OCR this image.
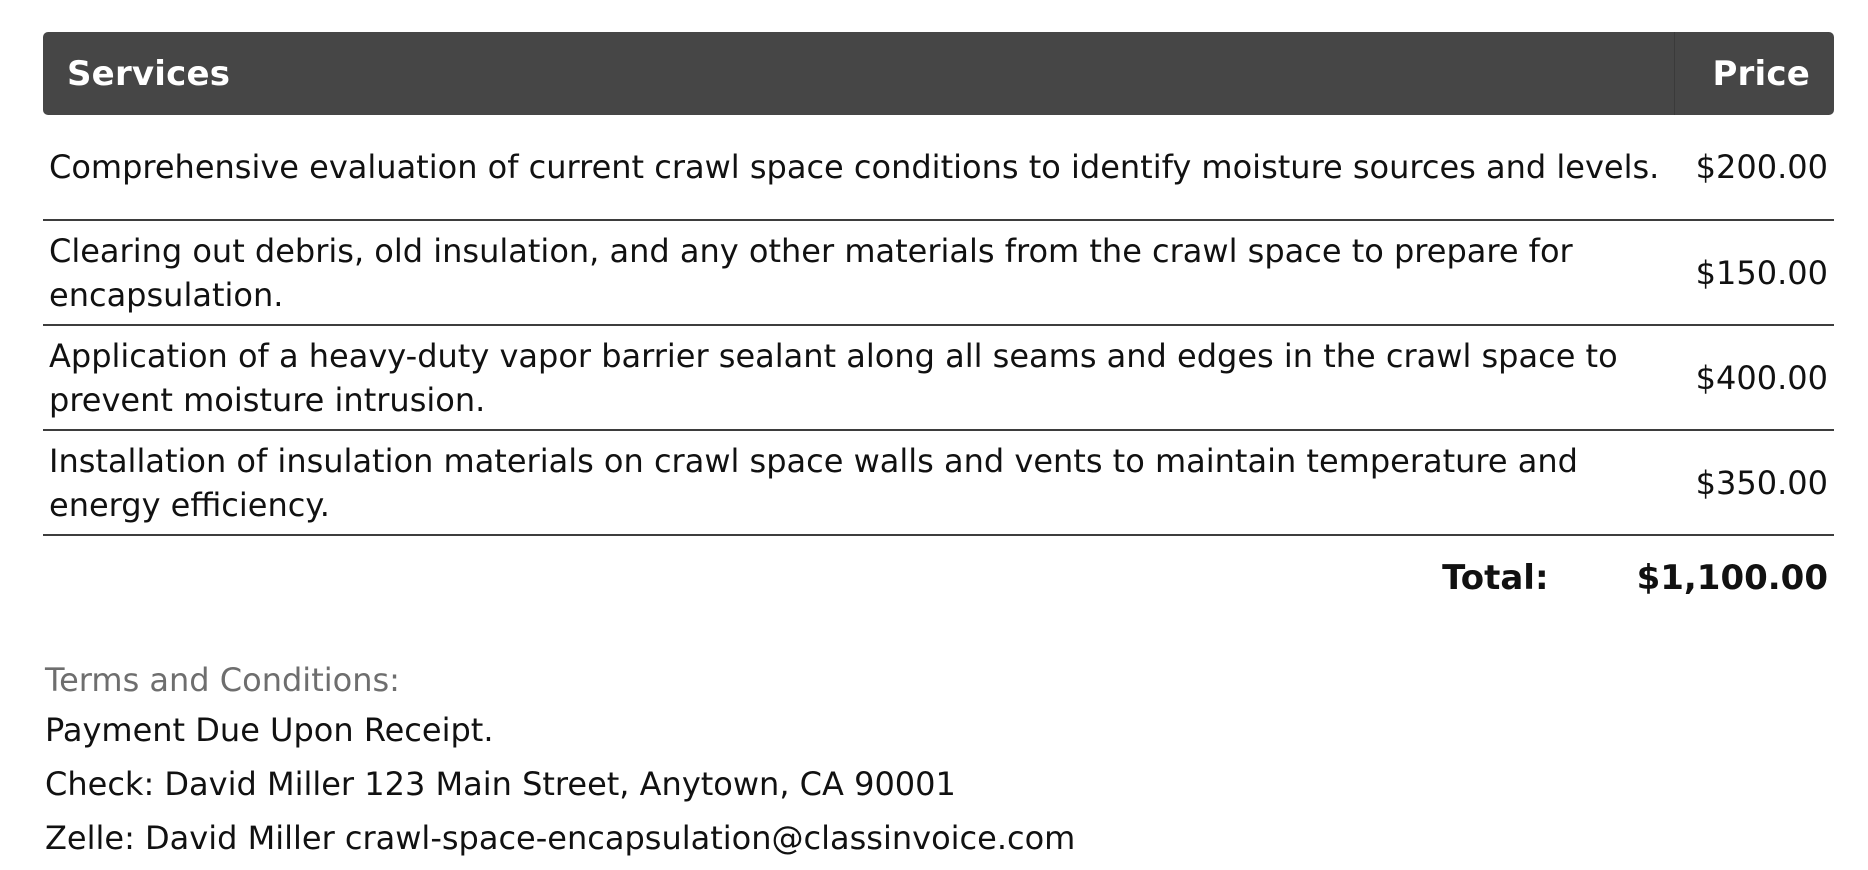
Services	Price
Comprehensive evaluation of current crawl space conditions to identify moisture sources and levels.	$200.00
Clearing out debris, old insulation, and any other materials from the crawl space to prepare for encapsulation.	$150.00
Application of a heavy-duty vapor barrier sealant along all seams and edges in the crawl space to prevent moisture intrusion.	$400.00
Installation of insulation materials on crawl space walls and vents to maintain temperature and energy efficiency.	$350.00
Total:	$1,100.00
Terms and Conditions:
Payment Due Upon Receipt.
Check: David Miller 123 Main Street, Anytown, CA 90001
Zelle: David Miller crawl-space-encapsulation@classinvoice.com
